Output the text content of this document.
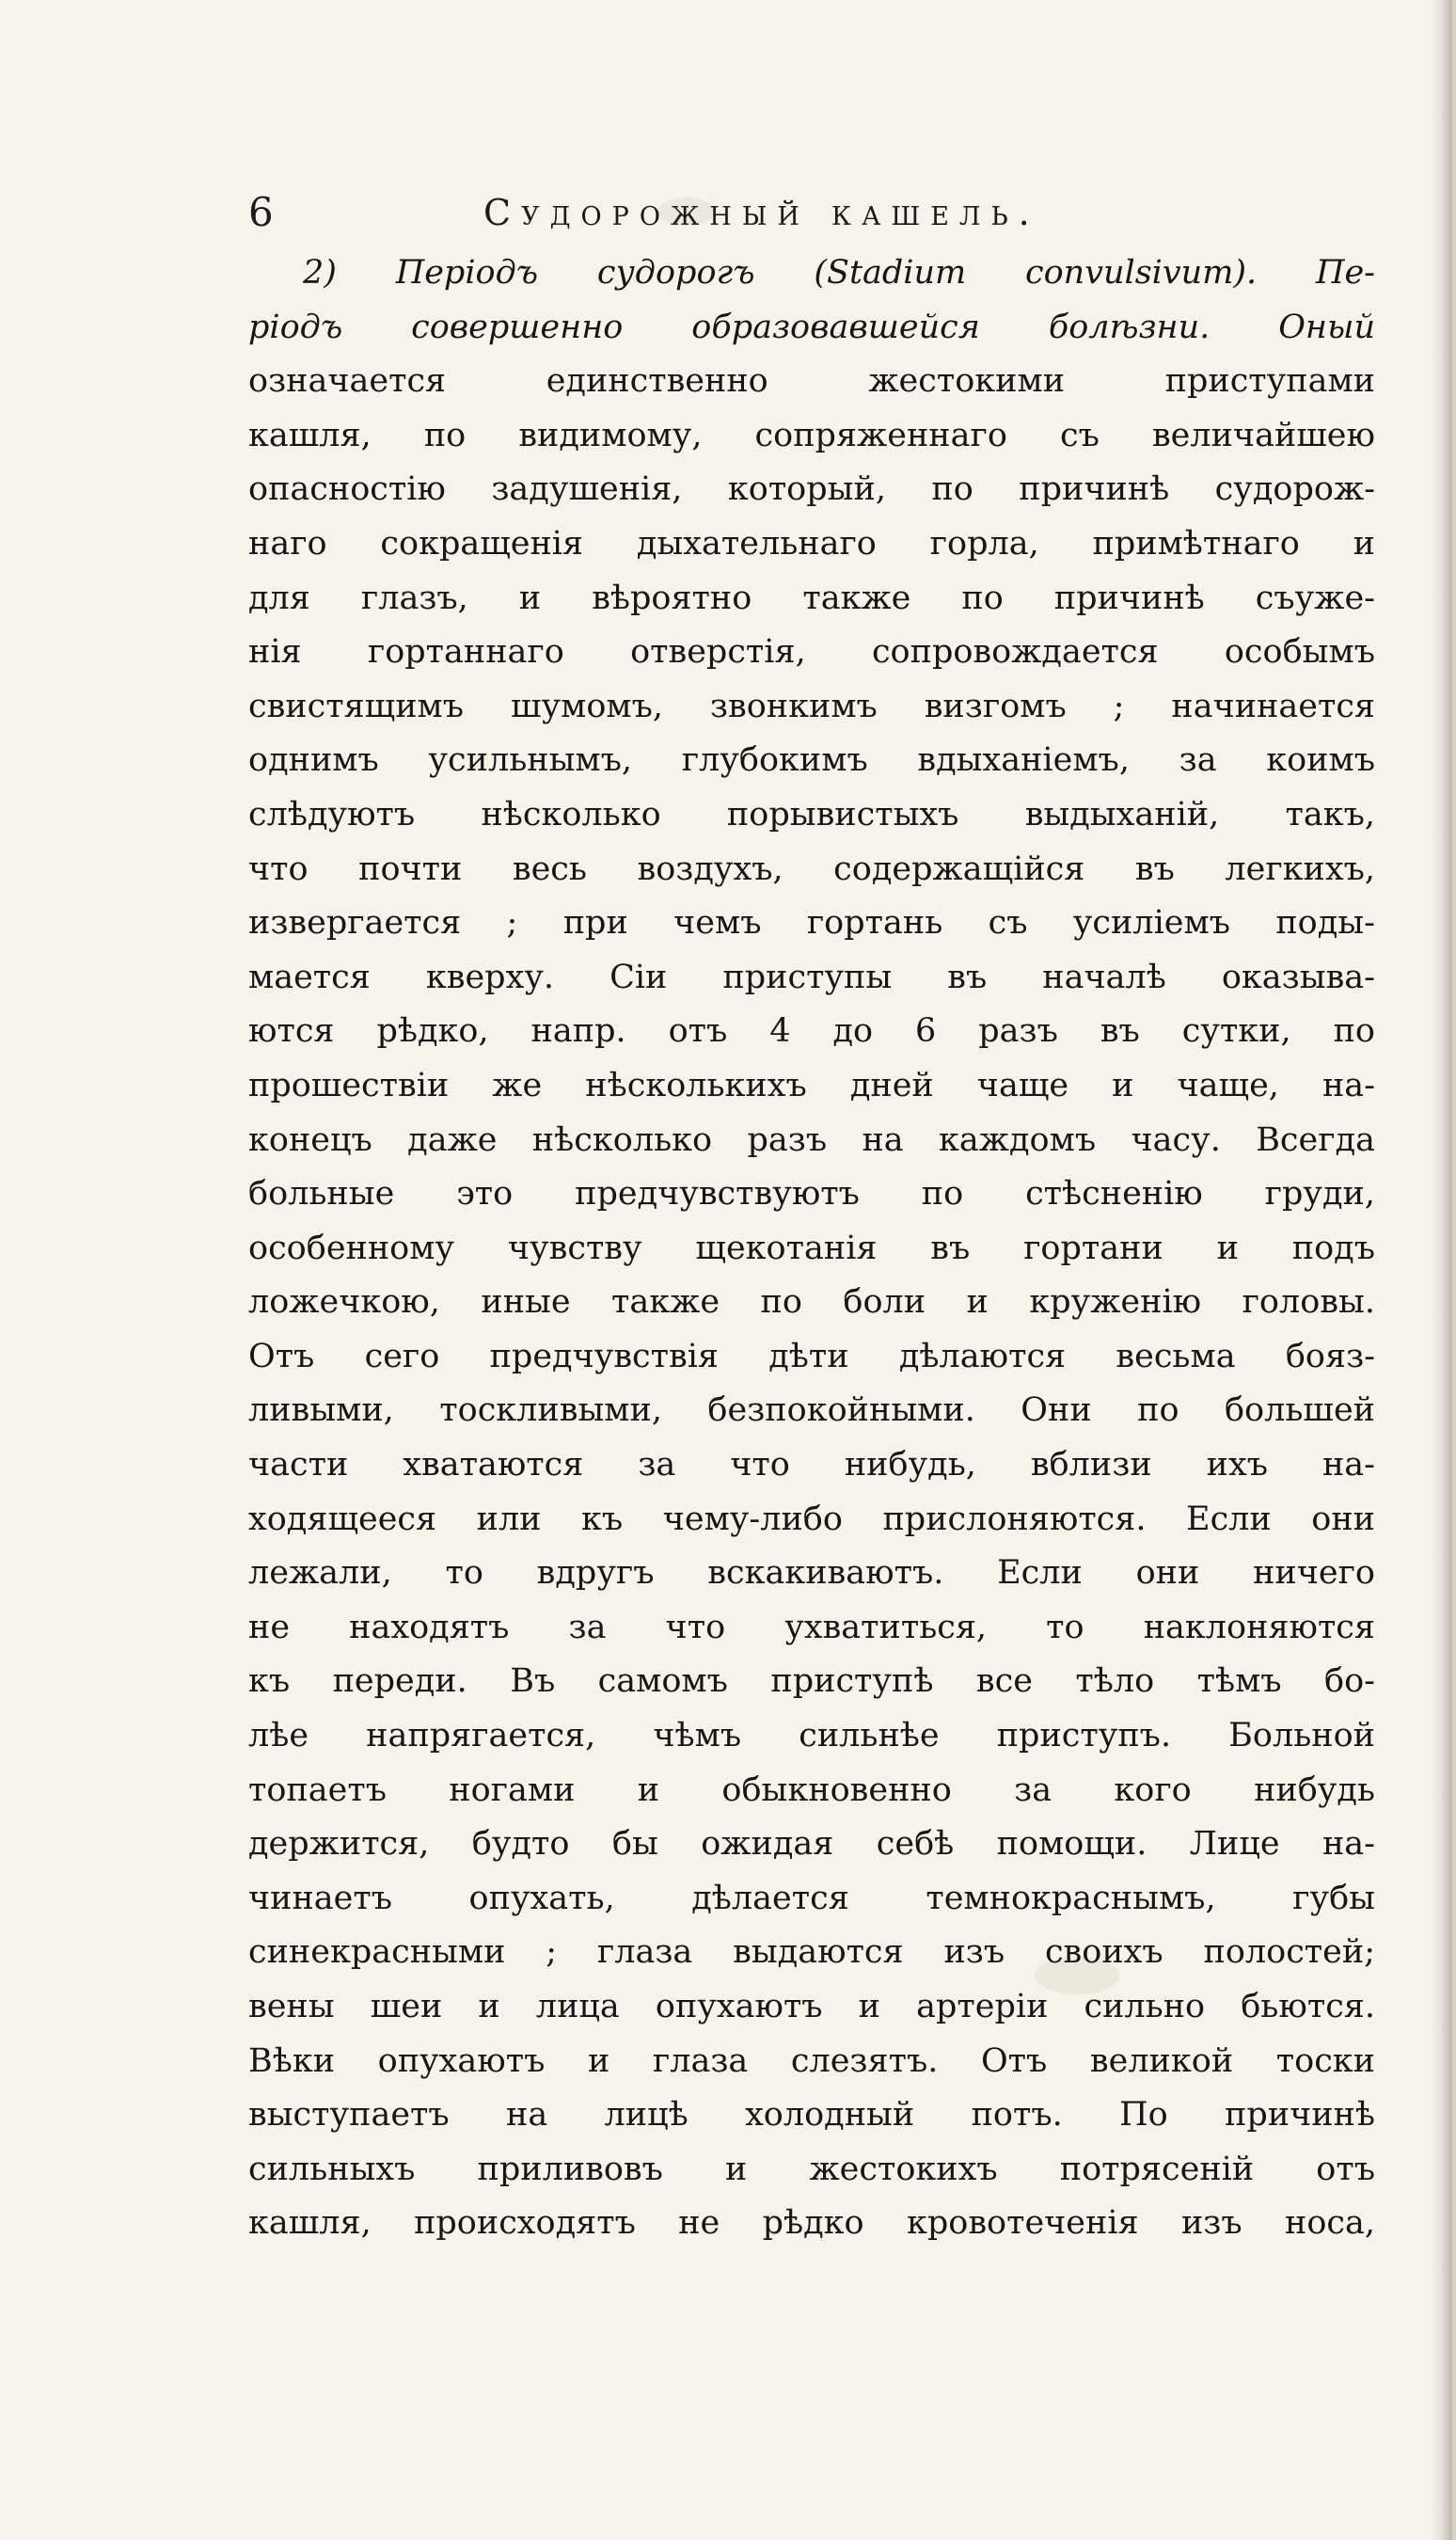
6	Судорожный кашель.
2) Періодъ судорогъ (Stadium convulsivum). Пе-
ріодъ совершенно образовавшейся болѣзни. Оный
означается единственно жестокими приступами
кашля, по видимому, сопряженнаго съ величайшею
опасностію задушенія, который, по причинѣ судорож-
наго сокращенія дыхательнаго горла, примѣтнаго и
для глазъ, и вѣроятно также по причинѣ съуже-
нія гортаннаго отверстія, сопровождается особымъ
свистящимъ шумомъ, звонкимъ визгомъ ; начинается
однимъ усильнымъ, глубокимъ вдыханіемъ, за коимъ
слѣдуютъ нѣсколько порывистыхъ выдыханій, такъ,
что почти весь воздухъ, содержащійся въ легкихъ,
извергается ; при чемъ гортань съ усиліемъ поды-
мается кверху. Сіи приступы въ началѣ оказыва-
ются рѣдко, напр. отъ 4 до 6 разъ въ сутки, по
прошествіи же нѣсколькихъ дней чаще и чаще, на-
конецъ даже нѣсколько разъ на каждомъ часу. Всегда
больные это предчувствуютъ по стѣсненію груди,
особенному чувству щекотанія въ гортани и подъ
ложечкою, иные также по боли и круженію головы.
Отъ сего предчувствія дѣти дѣлаются весьма бояз-
ливыми, тоскливыми, безпокойными. Они по большей
части хватаются за что нибудь, вблизи ихъ на-
ходящееся или къ чему-либо прислоняются. Если они
лежали, то вдругъ вскакиваютъ. Если они ничего
не находятъ за что ухватиться, то наклоняются
къ переди. Въ самомъ приступѣ все тѣло тѣмъ бо-
лѣе напрягается, чѣмъ сильнѣе приступъ. Больной
топаетъ ногами и обыкновенно за кого нибудь
держится, будто бы ожидая себѣ помощи. Лице на-
чинаетъ опухать, дѣлается темнокраснымъ, губы
синекрасными ; глаза выдаются изъ своихъ полостей;
вены шеи и лица опухаютъ и артеріи сильно бьются.
Вѣки опухаютъ и глаза слезятъ. Отъ великой тоски
выступаетъ на лицѣ холодный потъ. По причинѣ
сильныхъ приливовъ и жестокихъ потрясеній отъ
кашля, происходятъ не рѣдко кровотеченія изъ носа,
